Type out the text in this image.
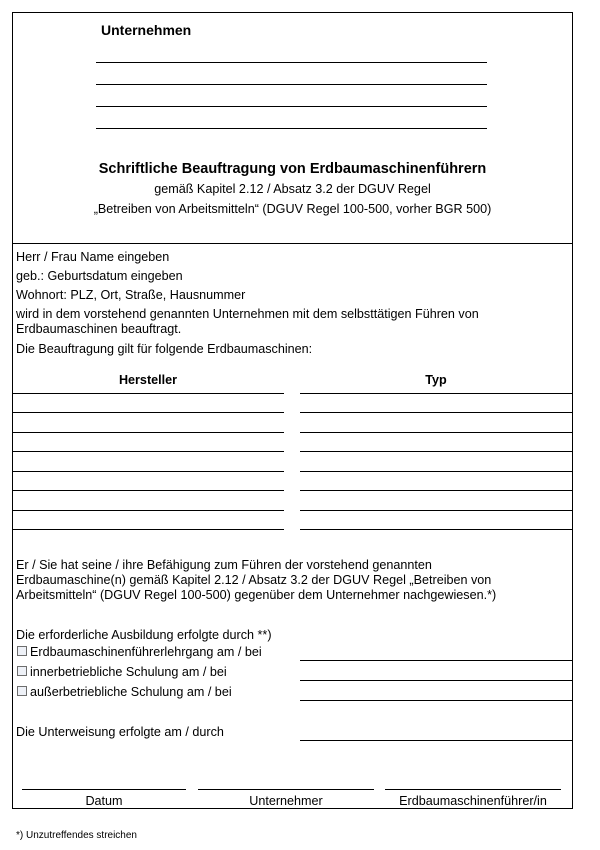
Unternehmen
Schriftliche Beauftragung von Erdbaumaschinenführern
gemäß Kapitel 2.12 / Absatz 3.2 der DGUV Regel
„Betreiben von Arbeitsmitteln“ (DGUV Regel 100-500, vorher BGR 500)
Herr / Frau Name eingeben
geb.: Geburtsdatum eingeben
Wohnort: PLZ, Ort, Straße, Hausnummer
wird in dem vorstehend genannten Unternehmen mit dem selbsttätigen Führen von
Erdbaumaschinen beauftragt.
Die Beauftragung gilt für folgende Erdbaumaschinen:
Hersteller	Typ
Er / Sie hat seine / ihre Befähigung zum Führen der vorstehend genannten
Erdbaumaschine(n) gemäß Kapitel 2.12 / Absatz 3.2 der DGUV Regel „Betreiben von
Arbeitsmitteln“ (DGUV Regel 100-500) gegenüber dem Unternehmer nachgewiesen.*)
Die erforderliche Ausbildung erfolgte durch **)
Erdbaumaschinenführerlehrgang am / bei
innerbetriebliche Schulung am / bei
außerbetriebliche Schulung am / bei
Die Unterweisung erfolgte am / durch
Datum	Unternehmer	Erdbaumaschinenführer/in
*) Unzutreffendes streichen
